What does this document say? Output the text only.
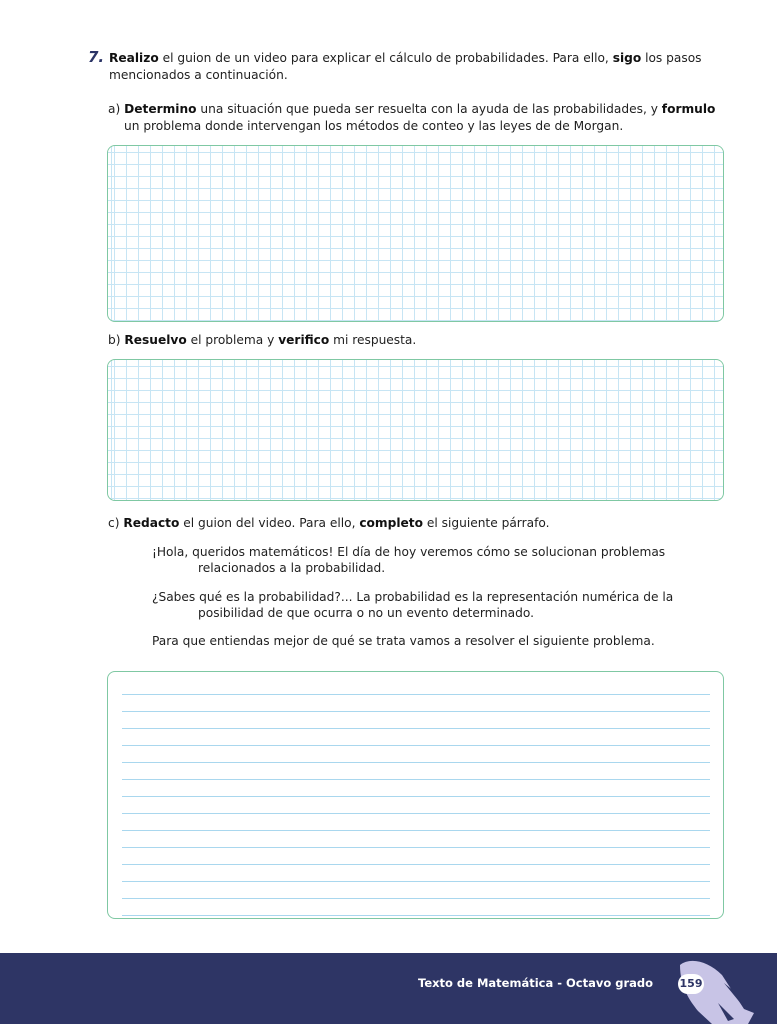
7. Realizo el guion de un video para explicar el cálculo de probabilidades. Para ello, sigo los pasos mencionados a continuación.
a) Determino una situación que pueda ser resuelta con la ayuda de las probabilidades, y formulo
un problema donde intervengan los métodos de conteo y las leyes de de Morgan.
b) Resuelvo el problema y verifico mi respuesta.
c) Redacto el guion del video. Para ello, completo el siguiente párrafo.
¡Hola, queridos matemáticos! El día de hoy veremos cómo se solucionan problemas
relacionados a la probabilidad.
¿Sabes qué es la probabilidad?... La probabilidad es la representación numérica de la
posibilidad de que ocurra o no un evento determinado.
Para que entiendas mejor de qué se trata vamos a resolver el siguiente problema.
Texto de Matemática - Octavo grado 159
